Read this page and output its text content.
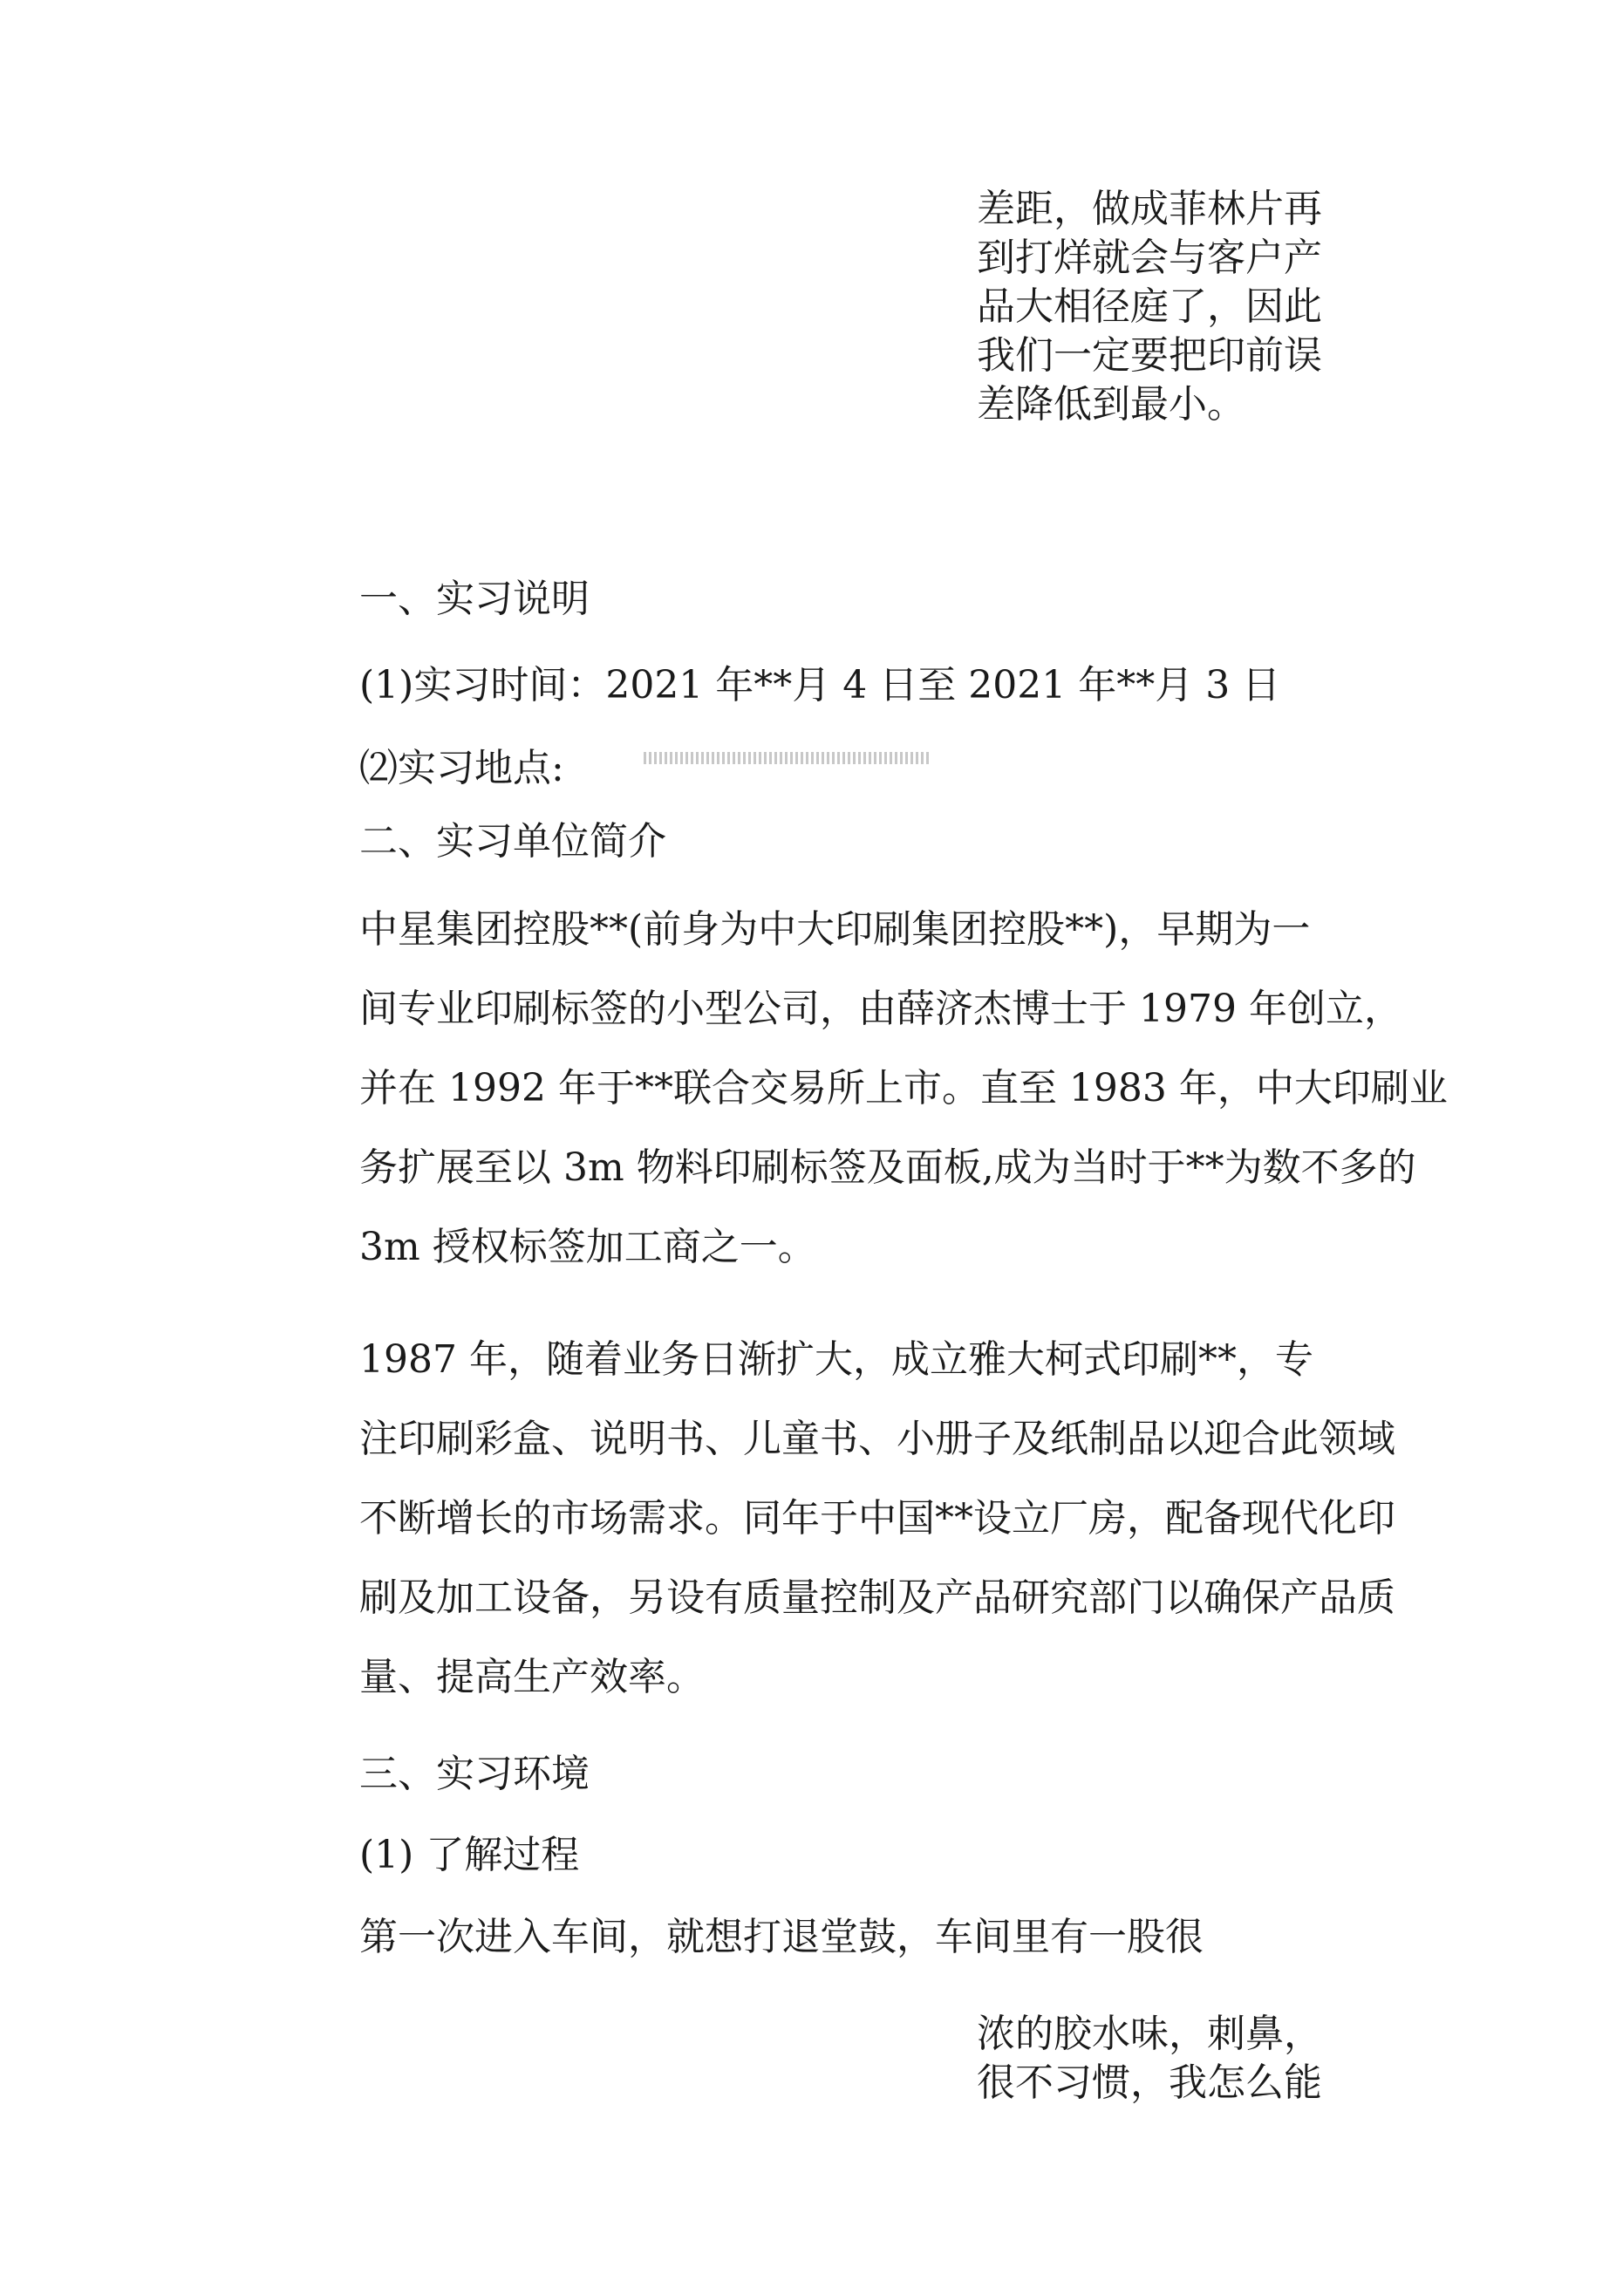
差距，做成菲林片再
到打烊就会与客户产
品大相径庭了，因此
我们一定要把印前误
差降低到最小。
一、实习说明
(1)实习时间：2021 年**月 4 日至 2021 年**月 3 日
⑵实习地点:
二、实习单位简介
中星集团控股**(前身为中大印刷集团控股**)，早期为一
间专业印刷标签的小型公司，由薛济杰博士于 1979 年创立，
并在 1992 年于**联合交易所上市。直至 1983 年，中大印刷业
务扩展至以 3m 物料印刷标签及面板,成为当时于**为数不多的
3m 授权标签加工商之一。
1987 年，随着业务日渐扩大，成立雅大柯式印刷**，专
注印刷彩盒、说明书、儿童书、小册子及纸制品以迎合此领域
不断增长的市场需求。同年于中国**设立厂房，配备现代化印
刷及加工设备，另设有质量控制及产品研究部门以确保产品质
量、提高生产效率。
三、实习环境
(1) 了解过程
第一次进入车间，就想打退堂鼓，车间里有一股很
浓的胶水味，刺鼻，
很不习惯，我怎么能
